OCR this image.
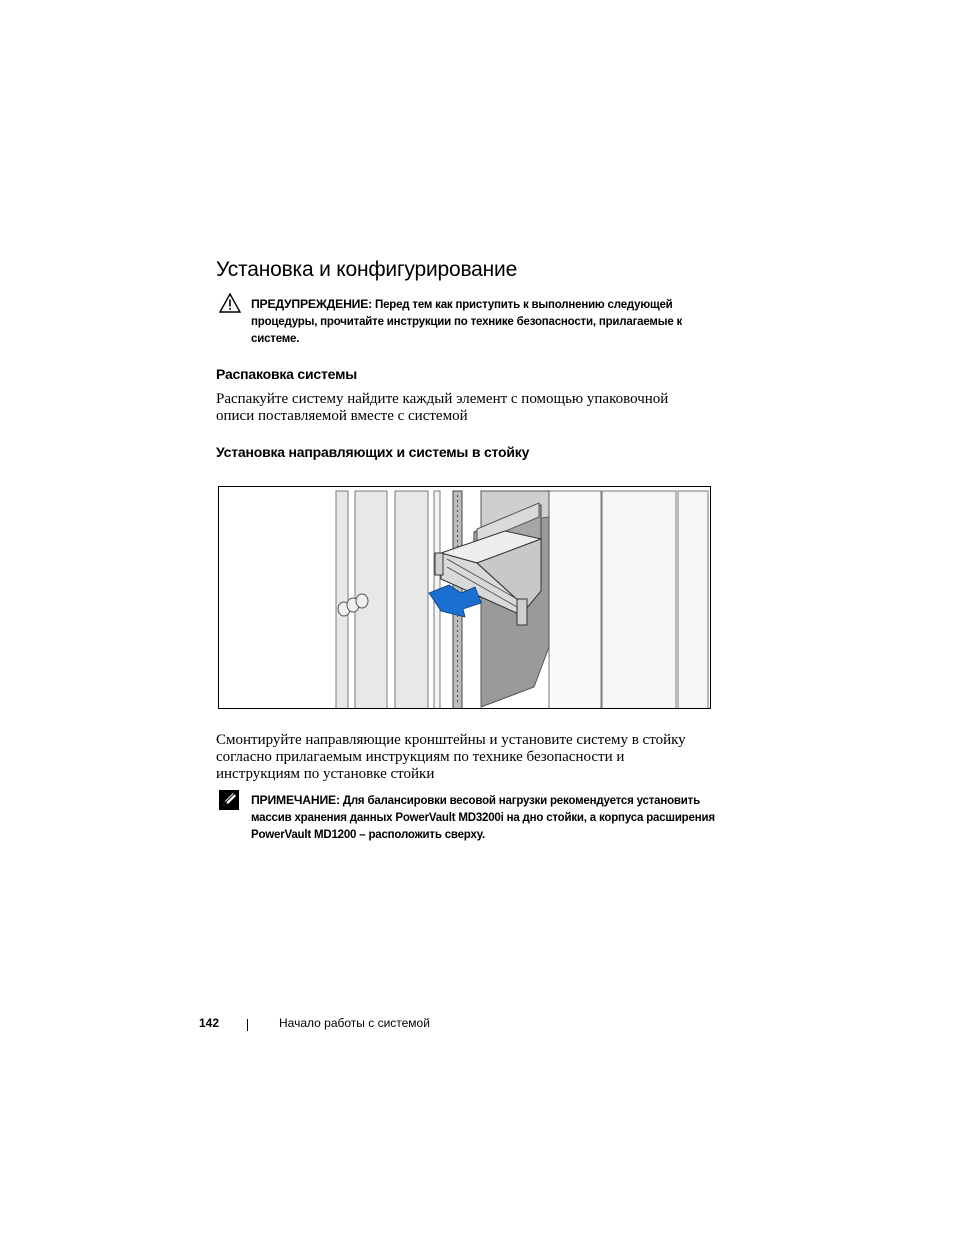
Установка и конфигурирование
ПРЕДУПРЕЖДЕНИЕ: Перед тем как приступить к выполнению следующей процедуры, прочитайте инструкции по технике безопасности, прилагаемые к системе.
Распаковка системы
Распакуйте систему найдите каждый элемент с помощью упаковочной
описи поставляемой вместе с системой
Установка направляющих и системы в стойку
Смонтируйте направляющие кронштейны и установите систему в стойку
согласно прилагаемым инструкциям по технике безопасности и
инструкциям по установке стойки
ПРИМЕЧАНИЕ: Для балансировки весовой нагрузки рекомендуется установить массив хранения данных PowerVault MD3200i на дно стойки, а корпуса расширения PowerVault MD1200 – расположить сверху.
142	Начало работы с системой
